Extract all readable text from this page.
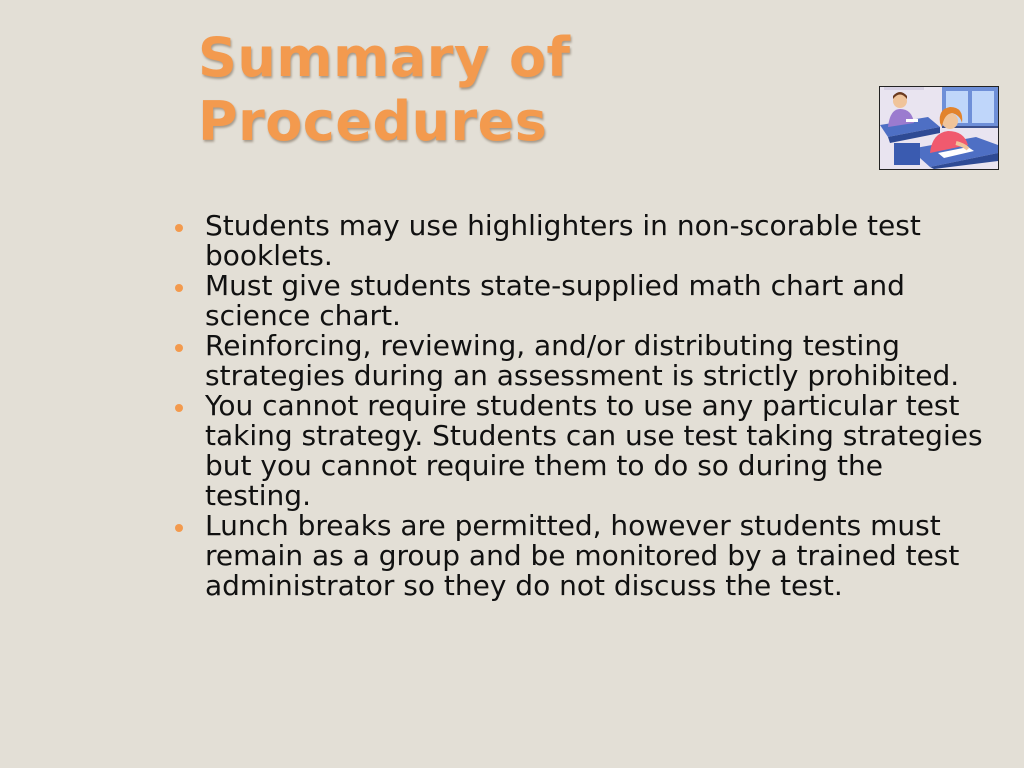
Summary of
Procedures
Students may use highlighters in non-scorable test booklets.
Must give students state-supplied math chart and science chart.
Reinforcing, reviewing, and/or distributing testing strategies during an assessment is strictly prohibited.
You cannot require students to use any particular test taking strategy. Students can use test taking strategies but you cannot require them to do so during the testing.
Lunch breaks are permitted, however students must remain as a group and be monitored by a trained test administrator so they do not discuss the test.
